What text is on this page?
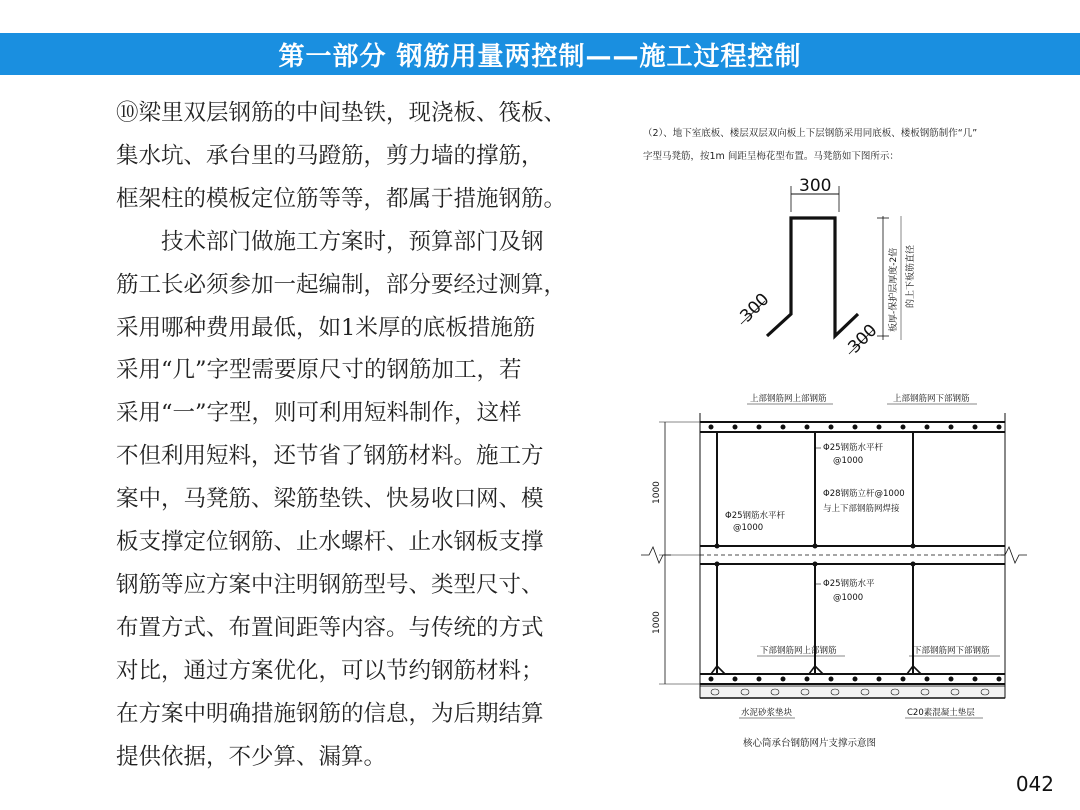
第一部分 钢筋用量两控制——施工过程控制
⑩梁里双层钢筋的中间垫铁，现浇板、筏板、
集水坑、承台里的马蹬筋，剪力墙的撑筋，
框架柱的模板定位筋等等，都属于措施钢筋。
　　技术部门做施工方案时，预算部门及钢
筋工长必须参加一起编制，部分要经过测算，
采用哪种费用最低，如1米厚的底板措施筋
采用“几”字型需要原尺寸的钢筋加工，若
采用“一”字型，则可利用短料制作，这样
不但利用短料，还节省了钢筋材料。施工方
案中，马凳筋、梁筋垫铁、快易收口网、模
板支撑定位钢筋、止水螺杆、止水钢板支撑
钢筋等应方案中注明钢筋型号、类型尺寸、
布置方式、布置间距等内容。与传统的方式
对比，通过方案优化，可以节约钢筋材料；
在方案中明确措施钢筋的信息，为后期结算
提供依据，不少算、漏算。
（2）、地下室底板、楼层双层双向板上下层钢筋采用同底板、楼板钢筋制作“几”
字型马凳筋，按1m 间距呈梅花型布置。马凳筋如下图所示：
300
300
300
板厚-保护层厚度-2倍 的上下板筋直径
上部钢筋网上部钢筋	上部钢筋网下部钢筋
1000
1000
Φ25钢筋水平杆
@1000
Φ28钢筋立杆@1000
与上下部钢筋网焊接
Φ25钢筋水平杆
@1000
Φ25钢筋水平
@1000
下部钢筋网上部钢筋	下部钢筋网下部钢筋
水泥砂浆垫块	C20素混凝土垫层
核心筒承台钢筋网片支撑示意图
042
